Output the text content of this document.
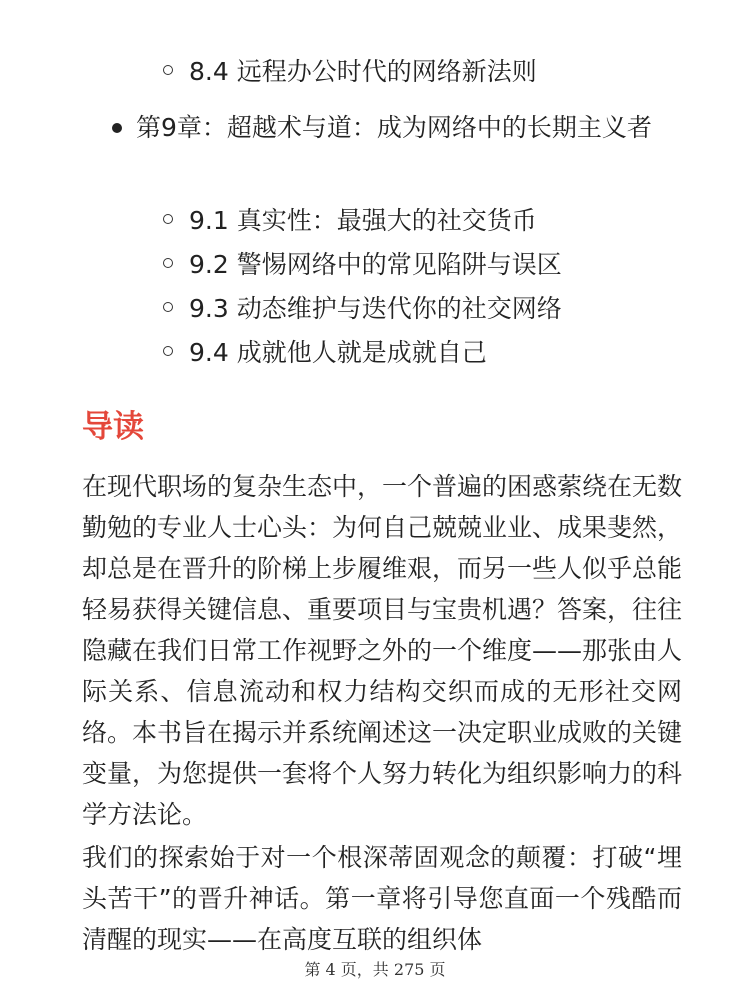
8.4 远程办公时代的网络新法则
第9章：超越术与道：成为网络中的长期主义者
9.1 真实性：最强大的社交货币
9.2 警惕网络中的常见陷阱与误区
9.3 动态维护与迭代你的社交网络
9.4 成就他人就是成就自己
导读

在现代职场的复杂生态中，一个普遍的困惑萦绕在无数勤勉的专业人士心头：为何自己兢兢业业、成果斐然，却总是在晋升的阶梯上步履维艰，而另一些人似乎总能轻易获得关键信息、重要项目与宝贵机遇？答案，往往隐藏在我们日常工作视野之外的一个维度——那张由人际关系、信息流动和权力结构交织而成的无形社交网络。本书旨在揭示并系统阐述这一决定职业成败的关键变量，为您提供一套将个人努力转化为组织影响力的科学方法论。

我们的探索始于对一个根深蒂固观念的颠覆：打破“埋头苦干”的晋升神话。第一章将引导您直面一个残酷而清醒的现实——在高度互联的组织体

第 4 页，共 275 页
